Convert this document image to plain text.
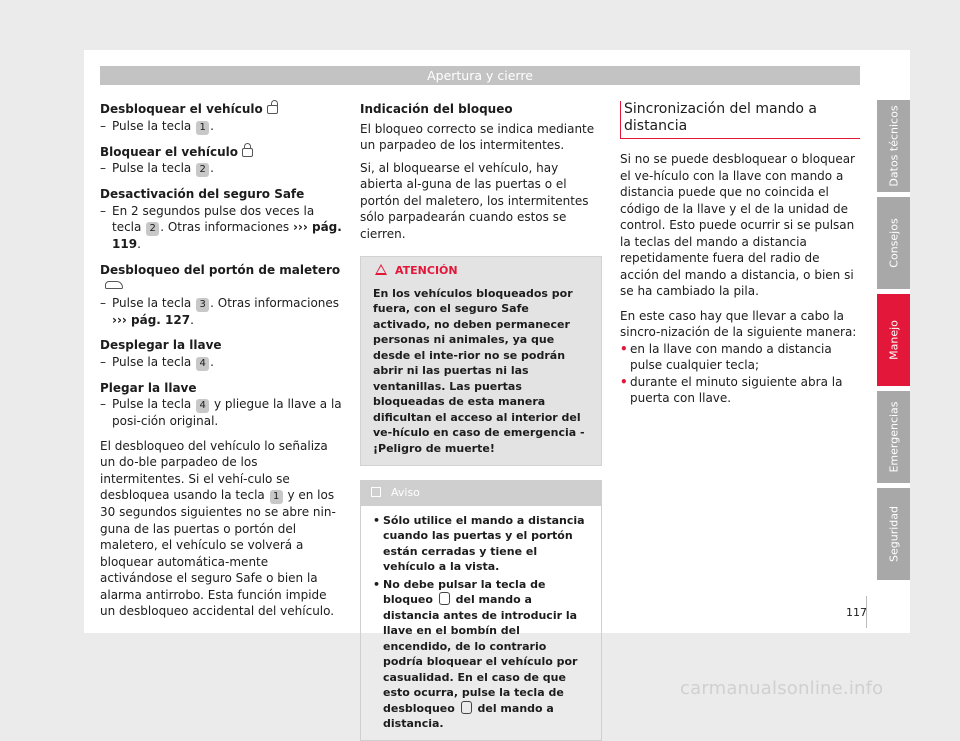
Apertura y cierre

Desbloquear el vehículo

– Pulse la tecla 1 .

Bloquear el vehículo

– Pulse la tecla 2 .

Desactivación del seguro Safe

– En 2 segundos pulse dos veces la tecla 2 . Otras informaciones ››› pág. 119.

Desbloqueo del portón de maletero

– Pulse la tecla 3 . Otras informaciones ››› pág. 127.

Desplegar la llave

– Pulse la tecla 4 .

Plegar la llave

– Pulse la tecla 4 y pliegue la llave a la posi-ción original.

El desbloqueo del vehículo lo señaliza un do-ble parpadeo de los intermitentes. Si el vehí-culo se desbloquea usando la tecla 1 y en los 30 segundos siguientes no se abre nin-guna de las puertas o portón del maletero, el vehículo se volverá a bloquear automática-mente activándose el seguro Safe o bien la alarma antirrobo. Esta función impide un desbloqueo accidental del vehículo.

Indicación del bloqueo

El bloqueo correcto se indica mediante un parpadeo de los intermitentes.

Si, al bloquearse el vehículo, hay abierta al-guna de las puertas o el portón del maletero, los intermitentes sólo parpadearán cuando estos se cierren.

ATENCIÓN
En los vehículos bloqueados por fuera, con el seguro Safe activado, no deben permanecer personas ni animales, ya que desde el inte-rior no se podrán abrir ni las puertas ni las ventanillas. Las puertas bloqueadas de esta manera dificultan el acceso al interior del ve-hículo en caso de emergencia - ¡Peligro de muerte!
Aviso
• Sólo utilice el mando a distancia cuando las puertas y el portón están cerradas y tiene el vehículo a la vista.
• No debe pulsar la tecla de bloqueo del mando a distancia antes de introducir la llave en el bombín del encendido, de lo contrario podría bloquear el vehículo por casualidad. En el caso de que esto ocurra, pulse la tecla de desbloqueo del mando a distancia.

Sincronización del mando a distancia

Si no se puede desbloquear o bloquear el ve-hículo con la llave con mando a distancia puede que no coincida el código de la llave y el de la unidad de control. Esto puede ocurrir si se pulsan la teclas del mando a distancia repetidamente fuera del radio de acción del mando a distancia, o bien si se ha cambiado la pila.

En este caso hay que llevar a cabo la sincro-nización de la siguiente manera:

• en la llave con mando a distancia pulse cualquier tecla;

• durante el minuto siguiente abra la puerta con llave.

Datos técnicos
Consejos
Manejo
Emergencias
Seguridad
117
carmanualsonline.info
